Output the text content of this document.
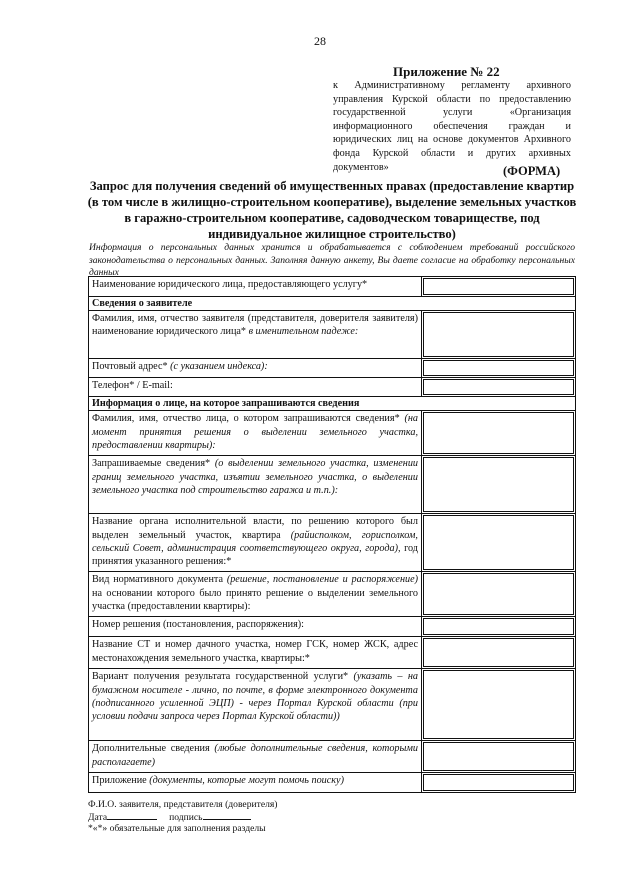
28
Приложение № 22
к Административному регламенту архивного управления Курской области по предоставлению государственной услуги «Организация информационного обеспечения граждан и юридических лиц на основе документов Архивного фонда Курской области и других архивных документов»	(ФОРМА)
Запрос для получения сведений об имущественных правах (предоставление квартир (в том числе в жилищно-строительном кооперативе), выделение земельных участков в гаражно-строительном кооперативе, садоводческом товариществе, под индивидуальное жилищное строительство)
Информация о персональных данных хранится и обрабатывается с соблюдением требований российского законодательства о персональных данных. Заполняя данную анкету, Вы даете согласие на обработку персональных данных
Наименование юридического лица, предоставляющего услугу*	

Сведения о заявителе	
Фамилия, имя, отчество заявителя (представителя, доверителя заявителя) наименование юридического лица* в именительном падеже:	

Почтовый адрес* (с указанием индекса):	

Телефон* / E-mail:	

Информация о лице, на которое запрашиваются сведения	
Фамилия, имя, отчество лица, о котором запрашиваются сведения* (на момент принятия решения о выделении земельного участка, предоставлении квартиры):	

Запрашиваемые сведения* (о выделении земельного участка, изменении границ земельного участка, изъятии земельного участка, о выделении земельного участка под строительство гаража и т.п.):	

Название органа исполнительной власти, по решению которого был выделен земельный участок, квартира (райисполком, горисполком, сельский Совет, администрация соответствующего округа, города), год принятия указанного решения:*	

Вид нормативного документа (решение, постановление и распоряжение) на основании которого было принято решение о выделении земельного участка (предоставлении квартиры):	

Номер решения (постановления, распоряжения):	

Название СТ и номер дачного участка, номер ГСК, номер ЖСК, адрес местонахождения земельного участка, квартиры:*	

Вариант получения результата государственной услуги* (указать – на бумажном носителе - лично, по почте, в форме электронного документа (подписанного усиленной ЭЦП) - через Портал Курской области (при условии подачи запроса через Портал Курской области))	

Дополнительные сведения (любые дополнительные сведения, которыми располагаете)	

Приложение (документы, которые могут помочь поиску)	
Ф.И.О. заявителя, представителя (доверителя)
Дата	подпись
*«*» обязательные для заполнения разделы
